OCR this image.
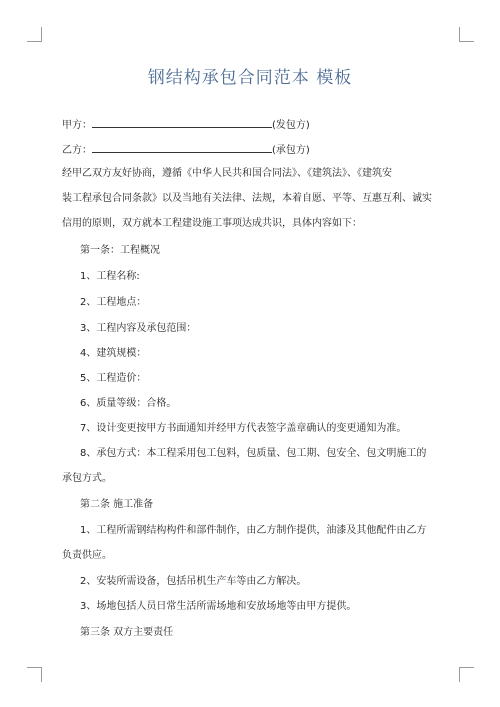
钢结构承包合同范本 模板
甲方：	(发包方)
乙方：	(承包方)
经甲乙双方友好协商，遵循《中华人民共和国合同法》、《建筑法》、《建筑安
装工程承包合同条款》以及当地有关法律、法规，本着自愿、平等、互惠互利、诚实
信用的原则，双方就本工程建设施工事项达成共识，具体内容如下：
第一条：工程概况
1、工程名称:
2、工程地点：
3、工程内容及承包范围：
4、建筑规模：
5、工程造价：
6、质量等级：合格。
7、设计变更按甲方书面通知并经甲方代表签字盖章确认的变更通知为准。
8、承包方式：本工程采用包工包料，包质量、包工期、包安全、包文明施工的
承包方式。
第二条 施工准备
1、工程所需钢结构构件和部件制作，由乙方制作提供，油漆及其他配件由乙方
负责供应。
2、安装所需设备，包括吊机生产车等由乙方解决。
3、场地包括人员日常生活所需场地和安放场地等由甲方提供。
第三条 双方主要责任
